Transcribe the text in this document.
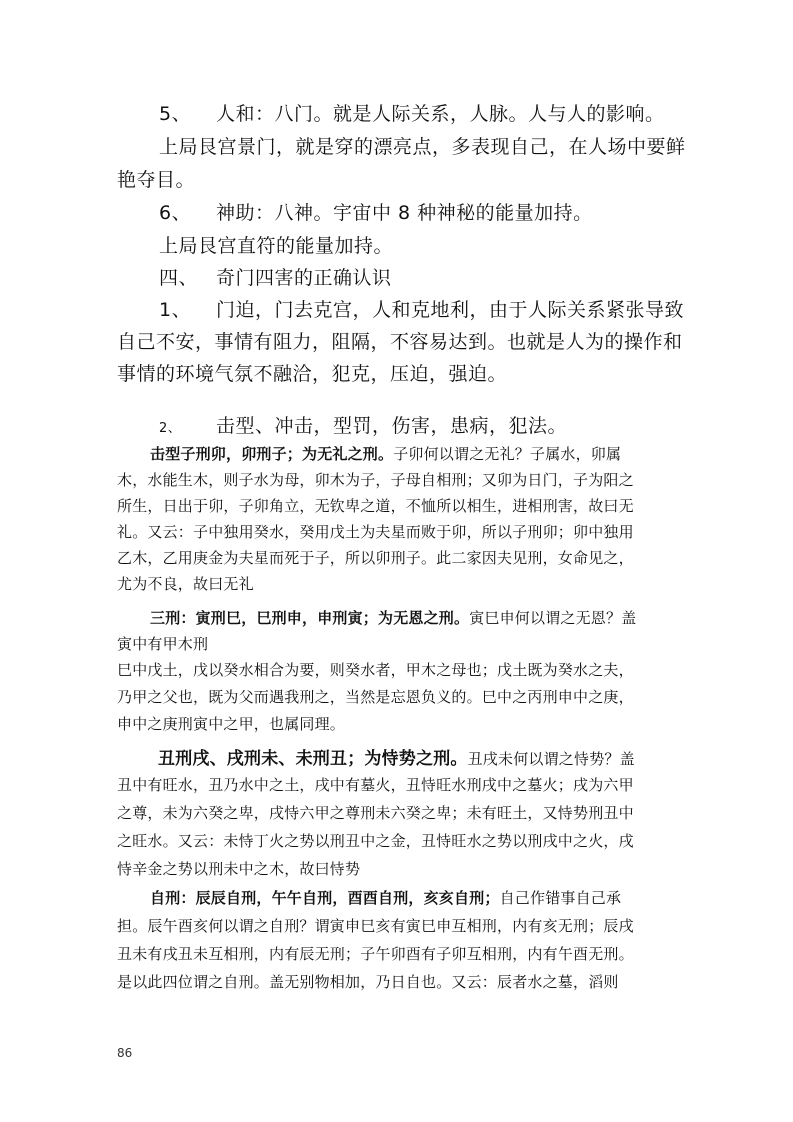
5、 人和：八门。就是人际关系，人脉。人与人的影响。
上局艮宫景门，就是穿的漂亮点，多表现自己，在人场中要鲜
艳夺目。
6、 神助：八神。宇宙中 8 种神秘的能量加持。
上局艮宫直符的能量加持。
四、 奇门四害的正确认识
1、 门迫，门去克宫，人和克地利，由于人际关系紧张导致
自己不安，事情有阻力，阻隔，不容易达到。也就是人为的操作和
事情的环境气氛不融洽，犯克，压迫，强迫。
2、 击型、冲击，型罚，伤害，患病，犯法。
击型子刑卯，卯刑子；为无礼之刑。子卯何以谓之无礼？子属水，卯属
木，水能生木，则子水为母，卯木为子，子母自相刑；又卯为日门，子为阳之
所生，日出于卯，子卯角立，无钦卑之道，不恤所以相生，进相刑害，故曰无
礼。又云：子中独用癸水，癸用戊土为夫星而败于卯，所以子刑卯；卯中独用
乙木，乙用庚金为夫星而死于子，所以卯刑子。此二家因夫见刑，女命见之，
尤为不良，故曰无礼
三刑：寅刑巳，巳刑申，申刑寅；为无恩之刑。寅巳申何以谓之无恩？盖
寅中有甲木刑
巳中戊土，戊以癸水相合为要，则癸水者，甲木之母也；戊土既为癸水之夫，
乃甲之父也，既为父而遇我刑之，当然是忘恩负义的。巳中之丙刑申中之庚，
申中之庚刑寅中之甲，也属同理。
丑刑戌、戌刑未、未刑丑；为恃势之刑。丑戌未何以谓之恃势？盖
丑中有旺水，丑乃水中之土，戌中有墓火，丑恃旺水刑戌中之墓火；戌为六甲
之尊，未为六癸之卑，戌恃六甲之尊刑未六癸之卑；未有旺土，又恃势刑丑中
之旺水。又云：未恃丁火之势以刑丑中之金，丑恃旺水之势以刑戌中之火，戌
恃辛金之势以刑未中之木，故曰恃势
自刑：辰辰自刑，午午自刑，酉酉自刑，亥亥自刑；自己作错事自己承
担。辰午酉亥何以谓之自刑？谓寅申巳亥有寅巳申互相刑，内有亥无刑；辰戌
丑未有戌丑未互相刑，内有辰无刑；子午卯酉有子卯互相刑，内有午酉无刑。
是以此四位谓之自刑。盖无别物相加，乃日自也。又云：辰者水之墓，滔则
86
